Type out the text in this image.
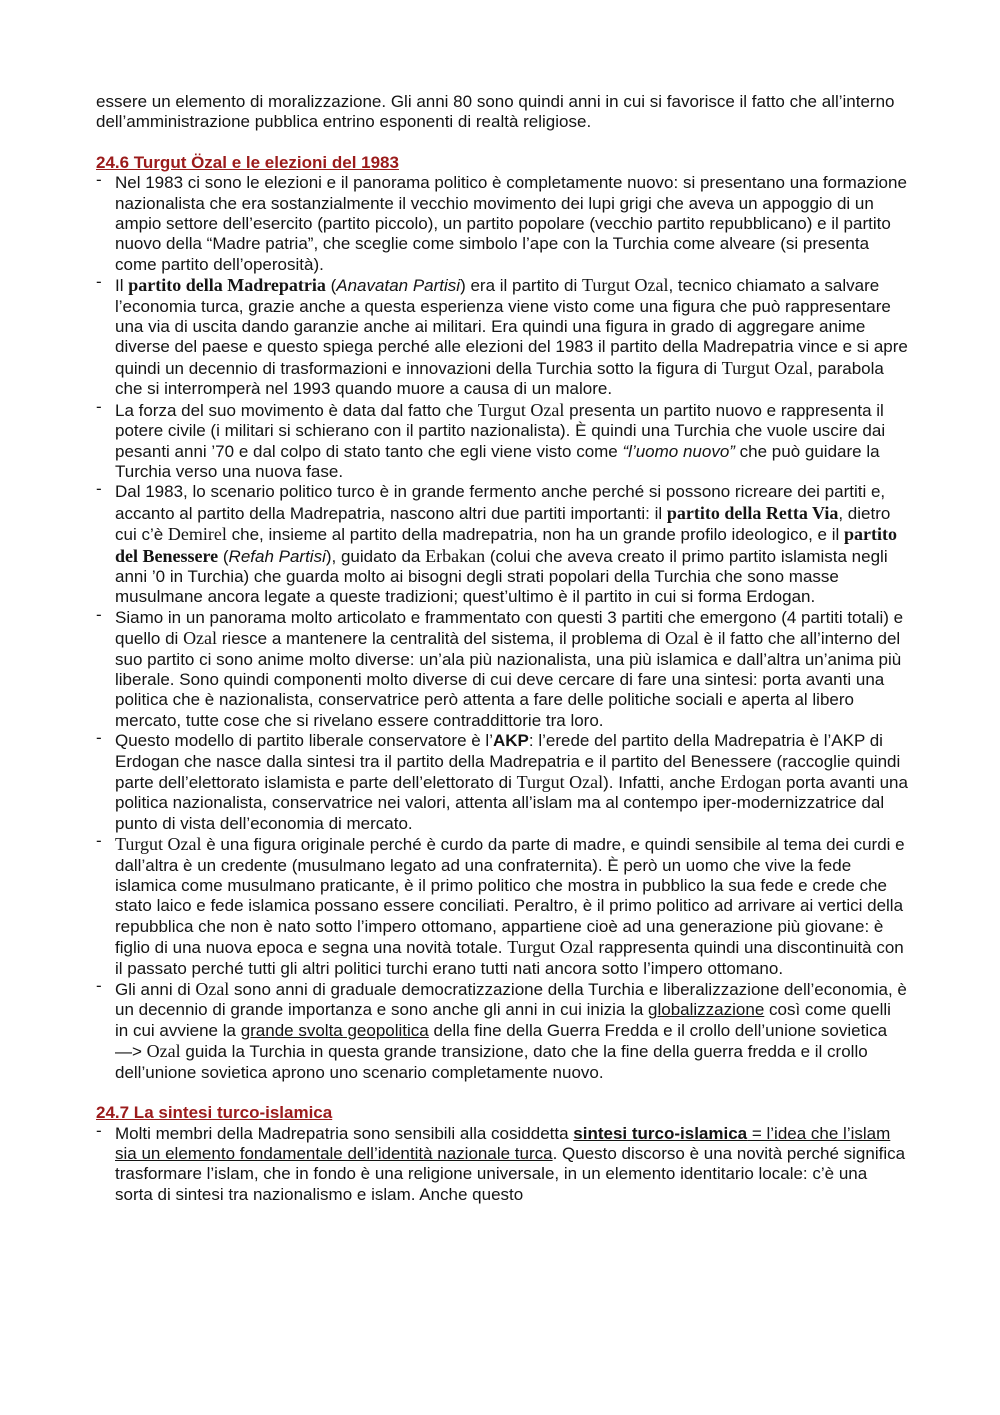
essere un elemento di moralizzazione. Gli anni 80 sono quindi anni in cui si favorisce il fatto che all’interno dell’amministrazione pubblica entrino esponenti di realtà religiose.

24.6 Turgut Özal e le elezioni del 1983
- Nel 1983 ci sono le elezioni e il panorama politico è completamente nuovo: si presentano una formazione nazionalista che era sostanzialmente il vecchio movimento dei lupi grigi che aveva un appoggio di un ampio settore dell’esercito (partito piccolo), un partito popolare (vecchio partito repubblicano) e il partito nuovo della “Madre patria”, che sceglie come simbolo l’ape con la Turchia come alveare (si presenta come partito dell’operosità).
- Il partito della Madrepatria (Anavatan Partisi) era il partito di Turgut Ozal, tecnico chiamato a salvare l’economia turca, grazie anche a questa esperienza viene visto come una figura che può rappresentare una via di uscita dando garanzie anche ai militari. Era quindi una figura in grado di aggregare anime diverse del paese e questo spiega perché alle elezioni del 1983 il partito della Madrepatria vince e si apre quindi un decennio di trasformazioni e innovazioni della Turchia sotto la figura di Turgut Ozal, parabola che si interromperà nel 1993 quando muore a causa di un malore.
- La forza del suo movimento è data dal fatto che Turgut Ozal presenta un partito nuovo e rappresenta il potere civile (i militari si schierano con il partito nazionalista). È quindi una Turchia che vuole uscire dai pesanti anni ’70 e dal colpo di stato tanto che egli viene visto come “l’uomo nuovo” che può guidare la Turchia verso una nuova fase.
- Dal 1983, lo scenario politico turco è in grande fermento anche perché si possono ricreare dei partiti e, accanto al partito della Madrepatria, nascono altri due partiti importanti: il partito della Retta Via, dietro cui c’è Demirel che, insieme al partito della madrepatria, non ha un grande profilo ideologico, e il partito del Benessere (Refah Partisi), guidato da Erbakan (colui che aveva creato il primo partito islamista negli anni ’0 in Turchia) che guarda molto ai bisogni degli strati popolari della Turchia che sono masse musulmane ancora legate a queste tradizioni; quest’ultimo è il partito in cui si forma Erdogan.
- Siamo in un panorama molto articolato e frammentato con questi 3 partiti che emergono (4 partiti totali) e quello di Ozal riesce a mantenere la centralità del sistema, il problema di Ozal è il fatto che all’interno del suo partito ci sono anime molto diverse: un’ala più nazionalista, una più islamica e dall’altra un’anima più liberale. Sono quindi componenti molto diverse di cui deve cercare di fare una sintesi: porta avanti una politica che è nazionalista, conservatrice però attenta a fare delle politiche sociali e aperta al libero mercato, tutte cose che si rivelano essere contraddittorie tra loro.
- Questo modello di partito liberale conservatore è l’AKP: l’erede del partito della Madrepatria è l’AKP di Erdogan che nasce dalla sintesi tra il partito della Madrepatria e il partito del Benessere (raccoglie quindi parte dell’elettorato islamista e parte dell’elettorato di Turgut Ozal). Infatti, anche Erdogan porta avanti una politica nazionalista, conservatrice nei valori, attenta all’islam ma al contempo iper-modernizzatrice dal punto di vista dell’economia di mercato.
- Turgut Ozal è una figura originale perché è curdo da parte di madre, e quindi sensibile al tema dei curdi e dall’altra è un credente (musulmano legato ad una confraternita). È però un uomo che vive la fede islamica come musulmano praticante, è il primo politico che mostra in pubblico la sua fede e crede che stato laico e fede islamica possano essere conciliati. Peraltro, è il primo politico ad arrivare ai vertici della repubblica che non è nato sotto l’impero ottomano, appartiene cioè ad una generazione più giovane: è figlio di una nuova epoca e segna una novità totale. Turgut Ozal rappresenta quindi una discontinuità con il passato perché tutti gli altri politici turchi erano tutti nati ancora sotto l’impero ottomano.
- Gli anni di Ozal sono anni di graduale democratizzazione della Turchia e liberalizzazione dell’economia, è un decennio di grande importanza e sono anche gli anni in cui inizia la globalizzazione così come quelli in cui avviene la grande svolta geopolitica della fine della Guerra Fredda e il crollo dell’unione sovietica —> Ozal guida la Turchia in questa grande transizione, dato che la fine della guerra fredda e il crollo dell’unione sovietica aprono uno scenario completamente nuovo.
24.7 La sintesi turco-islamica
- Molti membri della Madrepatria sono sensibili alla cosiddetta sintesi turco-islamica = l’idea che l’islam sia un elemento fondamentale dell’identità nazionale turca. Questo discorso è una novità perché significa trasformare l’islam, che in fondo è una religione universale, in un elemento identitario locale: c’è una sorta di sintesi tra nazionalismo e islam. Anche questo
